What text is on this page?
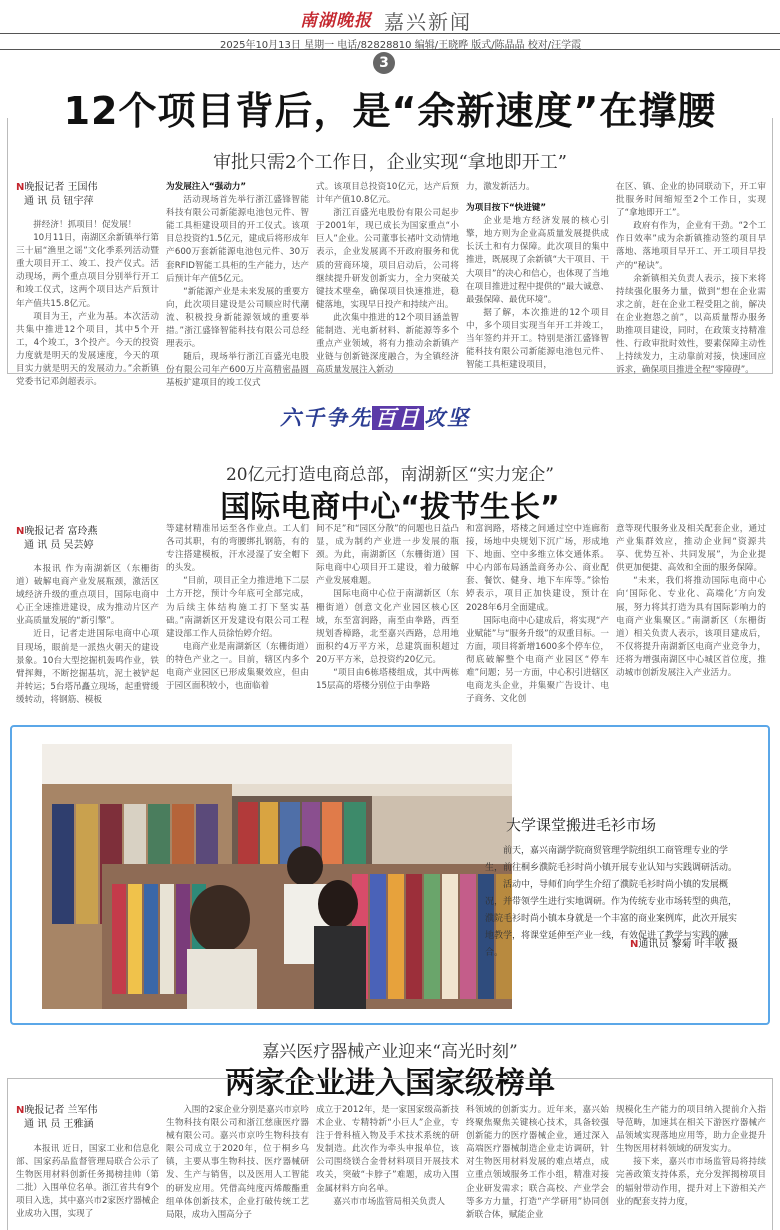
南湖晚报 嘉兴新闻
2025年10月13日 星期一 电话/82828810 编辑/王晓晔 版式/陈晶晶 校对/汪学霞
3
12个项目背后，是“余新速度”在撑腰
审批只需2个工作日，企业实现“拿地即开工”
N晚报记者 王国伟
通 讯 员 钮宇萍

拼经济！抓项目！促发展！

10月11日，南湖区余新镇举行第三十届“渔里之谣”文化季系列活动暨重大项目开工、竣工、投产仪式。活动现场，两个重点项目分别举行开工和竣工仪式，这两个项目达产后预计年产值共15.8亿元。

项目为王，产业为基。本次活动共集中推进12个项目，其中5个开工，4个竣工，3个投产。今天的投资力度就是明天的发展速度，今天的项目实力就是明天的发展动力。”余新镇党委书记邓剑超表示。

为发展注入“强动力”

活动现场首先举行浙江盛锋智能科技有限公司新能源电池包元件、智能工具柜建设项目的开工仪式。该项目总投资约1.5亿元，建成后将形成年产600万套新能源电池包元件、30万套RFID智能工具柜的生产能力，达产后预计年产值5亿元。

“新能源产业是未来发展的重要方向，此次项目建设是公司顺应时代潮流、积极投身新能源领域的重要举措。”浙江盛锋智能科技有限公司总经理表示。

随后，现场举行浙江百盛光电股份有限公司年产600万片高精密晶圆基板扩建项目的竣工仪式

式。该项目总投资10亿元，达产后预计年产值10.8亿元。

浙江百盛光电股份有限公司起步于2001年，现已成长为国家重点“小巨人”企业。公司董事长褚叶文动情地表示，企业发展离不开政府服务和优质的营商环境，项目启动后，公司将继续提升研发创新实力，全力突破关键技术壁垒，确保项目快速推进，稳健落地，实现早日投产和持续产出。

此次集中推进的12个项目涵盖智能制造、光电新材料、新能源等多个重点产业领域，将有力推动余新镇产业链与创新链深度融合，为全镇经济高质量发展注入新动

力，激发新活力。

为项目按下“快进键”

企业是地方经济发展的核心引擎，地方则为企业高质量发展提供成长沃土和有力保障。此次项目的集中推进，既展现了余新镇“大干项目、干大项目”的决心和信心，也体现了当地在项目推进过程中提供的“最大诚意、最强保障、最优环境”。

据了解，本次推进的12个项目中，多个项目实现当年开工并竣工，当年签约并开工。特别是浙江盛锋智能科技有限公司新能源电池包元件、智能工具柜建设项目，

在区、镇、企业的协同联动下，开工审批服务时间缩短至2个工作日，实现了“拿地即开工”。

政府有作为，企业有干劲。“2个工作日效率”成为余新镇推动签约项目早落地、落地项目早开工、开工项目早投产的“秘诀”。

余新镇相关负责人表示，接下来将持续强化服务力量，做到“想在企业需求之前，赶在企业工程受阻之前，解决在企业抱怨之前”，以高质量帮办服务助推项目建设，同时，在政策支持精准性、行政审批时效性，要素保障主动性上持续发力，主动靠前对接，快速回应诉求，确保项目推进全程“零障碍”。

六千争先 百日 攻坚
20亿元打造电商总部，南湖新区“实力宠企”
国际电商中心“拔节生长”
N晚报记者 富玲燕
通 讯 员 吴芸婷

本报讯 作为南湖新区（东栅街道）破解电商产业发展瓶颈，激活区域经济升级的重点项目，国际电商中心正全速推进建设，成为推动片区产业高质量发展的“新引擎”。

近日，记者走进国际电商中心项目现场，眼前是一派热火朝天的建设景象。10台大型挖掘机轰鸣作业，铁臂挥舞，不断挖掘基坑，泥土被铲起并转运；5台塔吊矗立现场，起重臂缓缓转动，将钢筋、模板

等建材精准吊运至各作业点。工人们各司其职，有的弯腰绑扎钢筋，有的专注搭建模板，汗水浸湿了安全帽下的头发。

“目前，项目正全力推进地下二层土方开挖，预计今年底可全部完成，为后续主体结构施工打下坚实基础。”南湖新区开发建设有限公司工程建设部工作人员徐怡婷介绍。

电商产业是南湖新区（东栅街道）的特色产业之一。目前，辖区内多个电商产业园区已形成集聚效应，但由于园区面积较小，也面临着

间不足”和“园区分散”的问题也日益凸显，成为制约产业进一步发展的瓶颈。为此，南湖新区（东栅街道）国际电商中心项目开工建设，着力破解产业发展难题。

国际电商中心位于南湖新区（东栅街道）创意文化产业园区核心区域，东至富润路，南至由拳路，西至规划香樟路，北至嘉兴西路，总用地面积约4万平方米，总建筑面积超过20万平方米，总投资约20亿元。

“项目由6栋塔楼组成，其中两栋15层高的塔楼分别位于由拳路

和富润路，塔楼之间通过空中连廊衔接，场地中央规划下沉广场，形成地下、地面、空中多维立体交通体系。中心内部布局涵盖商务办公、商业配套、餐饮、健身、地下车库等。”徐怡婷表示，项目正加快建设，预计在2028年6月全面建成。

国际电商中心建成后，将实现“产业赋能”与“服务升级”的双重目标。一方面，项目将新增1600多个停车位，彻底破解整个电商产业园区“停车难”问题；另一方面，中心积引进辖区电商龙头企业，并集聚广告设计、电子商务、文化创

意等现代服务业及相关配套企业，通过产业集群效应，推动企业间“资源共享、优势互补、共同发展”，为企业提供更加便捷、高效和全面的服务保障。

“未来，我们将推动国际电商中心向‘国际化、专业化、高端化’方向发展，努力将其打造为具有国际影响力的电商产业集聚区。”南湖新区（东栅街道）相关负责人表示，该项目建成后，不仅将提升南湖新区电商产业竞争力，还将为增强南湖区中心城区首位度，推动城市创新发展注入产业活力。

大学课堂搬进毛衫市场

前天，嘉兴南湖学院商贸管理学院组织工商管理专业的学生，前往桐乡濮院毛衫时尚小镇开展专业认知与实践调研活动。

活动中，导师们向学生介绍了濮院毛衫时尚小镇的发展概况，并带领学生进行实地调研。作为传统专业市场转型的典范，濮院毛衫时尚小镇本身就是一个丰富的商业案例库，此次开展实地教学，将课堂延伸至产业一线，有效促进了教学与实践的融合。

N通讯员 黎菊 叶丰收 摄
嘉兴医疗器械产业迎来“高光时刻”
两家企业进入国家级榜单
N晚报记者 兰军伟
通 讯 员 王雅涵

本报讯 近日，国家工业和信息化部、国家药品监督管理局联合公示了生物医用材料创新任务揭榜挂帅（第二批）入围单位名单。浙江省共有9个项目入选，其中嘉兴市2家医疗器械企业成功入围，实现了

入围的2家企业分别是嘉兴市京吟生物科技有限公司和浙江慈康医疗器械有限公司。嘉兴市京吟生物科技有限公司成立于2020年，位于桐乡乌镇，主要从事生物科技、医疗器械研发、生产与销售，以及医用人工智能的研发应用。凭借高纯度丙烯酸酯重组单体创新技术，企业打破传统工艺局限，成功入围高分子

成立于2012年，是一家国家级高新技术企业、专精特新“小巨人”企业，专注于骨科植入物及手术技术系统的研发制造。此次作为牵头申报单位，该公司围绕镁合金骨材料项目开展技术攻关，突破“卡脖子”难题，成功入围金属材料方向名单。

嘉兴市市场监管局相关负责人

科领域的创新实力。近年来，嘉兴始终聚焦聚焦关键核心技术，具备较强创新能力的医疗器械企业，通过深入高端医疗器械制造企业走访调研，针对生物医用材料发展的难点堵点，成立重点领域服务工作小组，精准对接企业研发需求；联合高校、产业学会等多方力量，打造“产学研用”协同创新联合体，赋能企业

规模化生产能力的项目纳入提前介入指导范畴，加速其在相关下游医疗器械产品领域实现落地应用等，助力企业提升生物医用材料领域的研发实力。

接下来，嘉兴市市场监管局将持续完善政策支持体系，充分发挥揭榜项目的辐射带动作用，提升对上下游相关产业的配套支持力度，
